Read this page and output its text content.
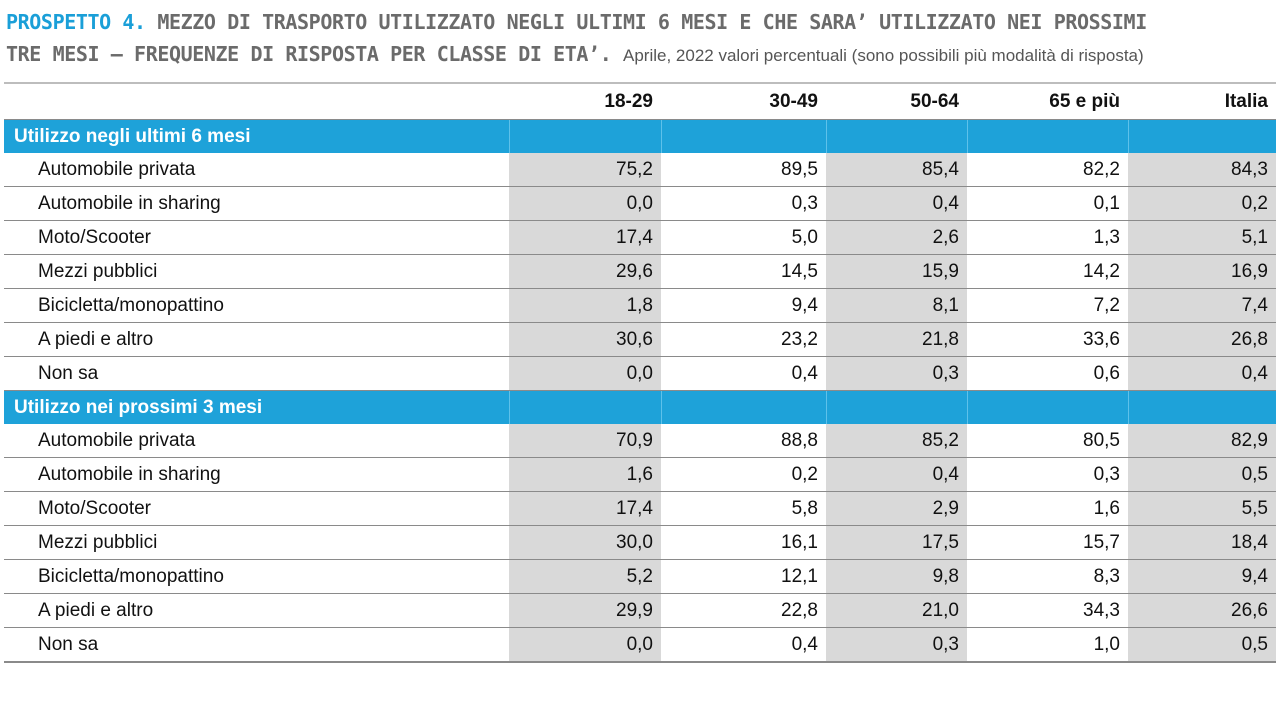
PROSPETTO 4. MEZZO DI TRASPORTO UTILIZZATO NEGLI ULTIMI 6 MESI E CHE SARA’ UTILIZZATO NEI PROSSIMI
TRE MESI – FREQUENZE DI RISPOSTA PER CLASSE DI ETA’. Aprile, 2022 valori percentuali (sono possibili più modalità di risposta)
	18-29	30-49	50-64	65 e più	Italia
Utilizzo negli ultimi 6 mesi					
Automobile privata	75,2	89,5	85,4	82,2	84,3
Automobile in sharing	0,0	0,3	0,4	0,1	0,2
Moto/Scooter	17,4	5,0	2,6	1,3	5,1
Mezzi pubblici	29,6	14,5	15,9	14,2	16,9
Bicicletta/monopattino	1,8	9,4	8,1	7,2	7,4
A piedi e altro	30,6	23,2	21,8	33,6	26,8
Non sa	0,0	0,4	0,3	0,6	0,4
Utilizzo nei prossimi 3 mesi					
Automobile privata	70,9	88,8	85,2	80,5	82,9
Automobile in sharing	1,6	0,2	0,4	0,3	0,5
Moto/Scooter	17,4	5,8	2,9	1,6	5,5
Mezzi pubblici	30,0	16,1	17,5	15,7	18,4
Bicicletta/monopattino	5,2	12,1	9,8	8,3	9,4
A piedi e altro	29,9	22,8	21,0	34,3	26,6
Non sa	0,0	0,4	0,3	1,0	0,5
